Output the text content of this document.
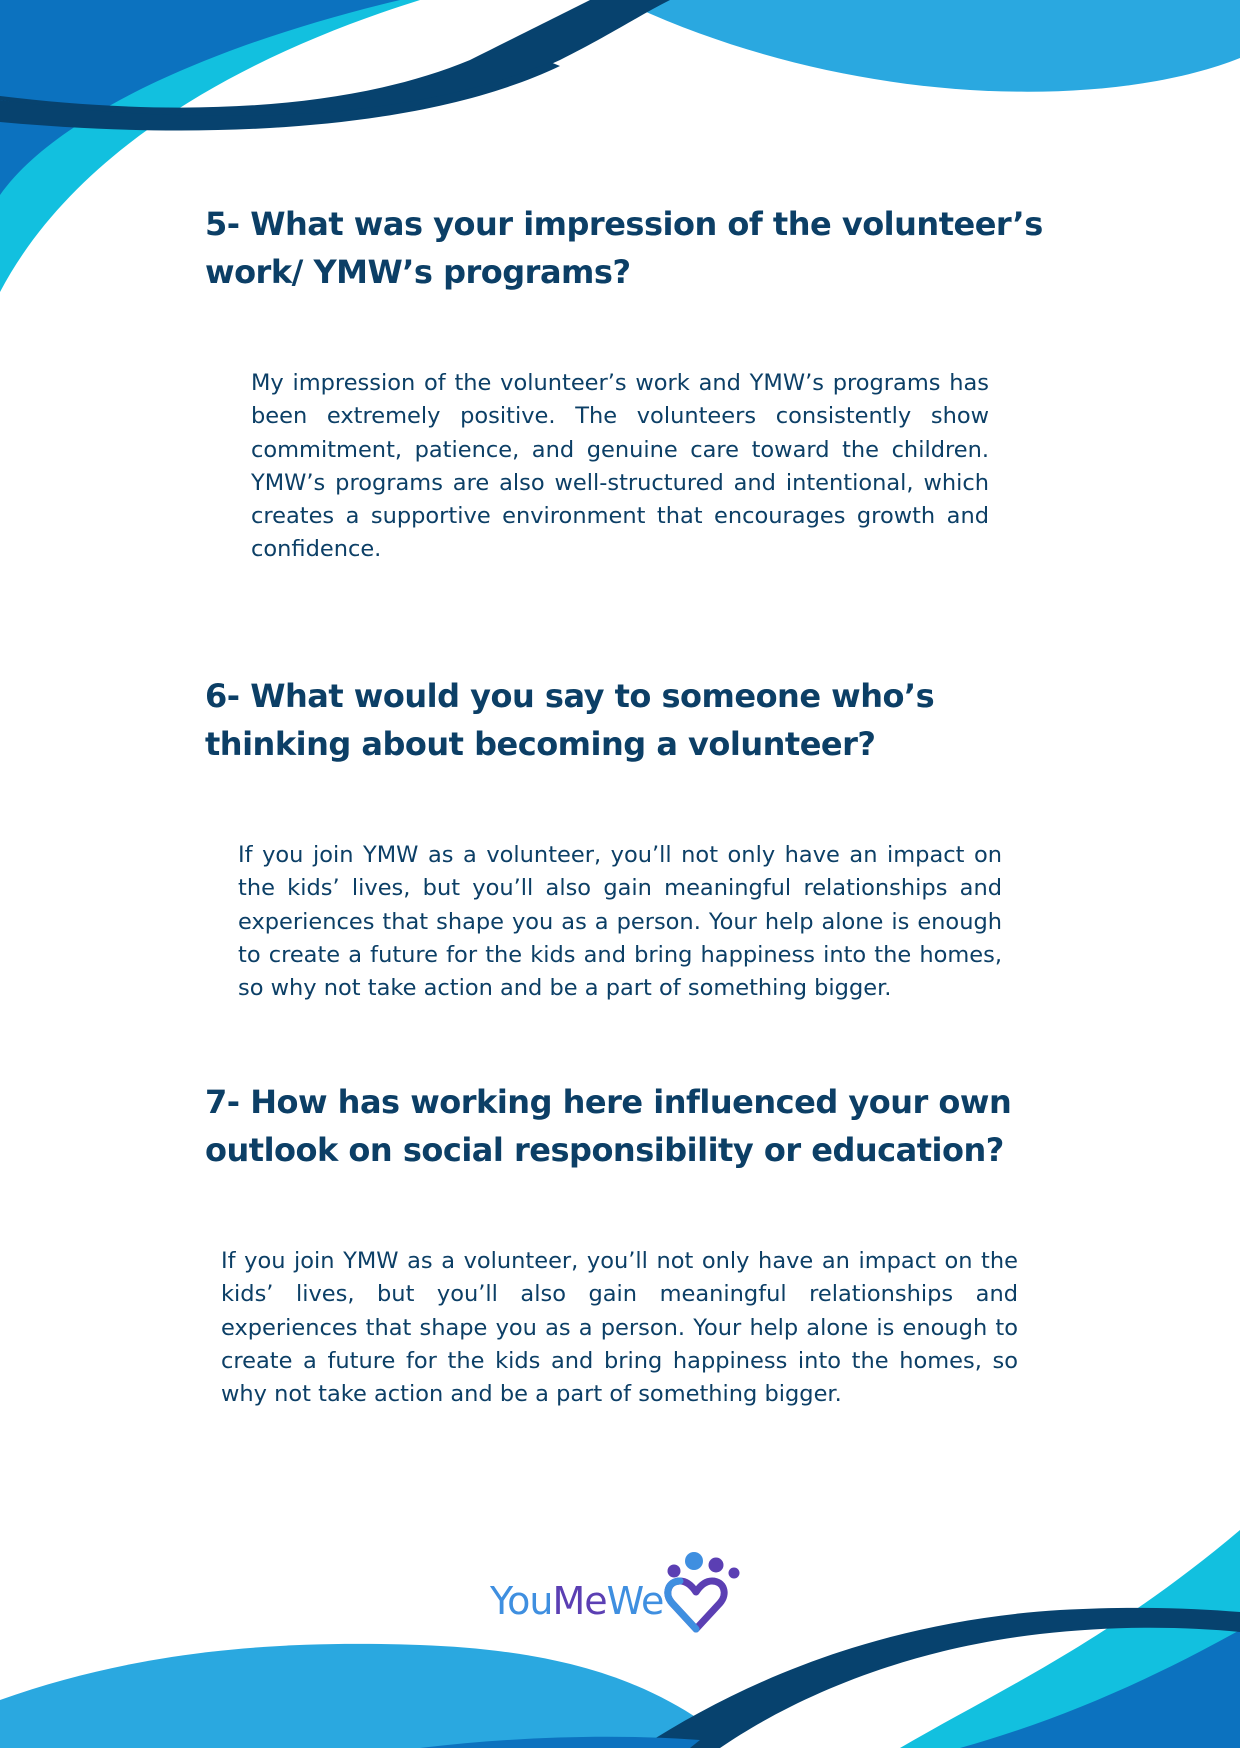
5- What was your impression of the volunteer’s work/ YMW’s programs?

My impression of the volunteer’s work and YMW’s programs has been extremely positive. The volunteers consistently show commitment, patience, and genuine care toward the children. YMW’s programs are also well-structured and intentional, which creates a supportive environment that encourages growth and confidence.

6- What would you say to someone who’s thinking about becoming a volunteer?

If you join YMW as a volunteer, you’ll not only have an impact on the kids’ lives, but you’ll also gain meaningful relationships and experiences that shape you as a person. Your help alone is enough to create a future for the kids and bring happiness into the homes, so why not take action and be a part of something bigger.

7- How has working here influenced your own outlook on social responsibility or education?

If you join YMW as a volunteer, you’ll not only have an impact on the kids’ lives, but you’ll also gain meaningful relationships and experiences that shape you as a person. Your help alone is enough to create a future for the kids and bring happiness into the homes, so why not take action and be a part of something bigger.

YouMeWe
